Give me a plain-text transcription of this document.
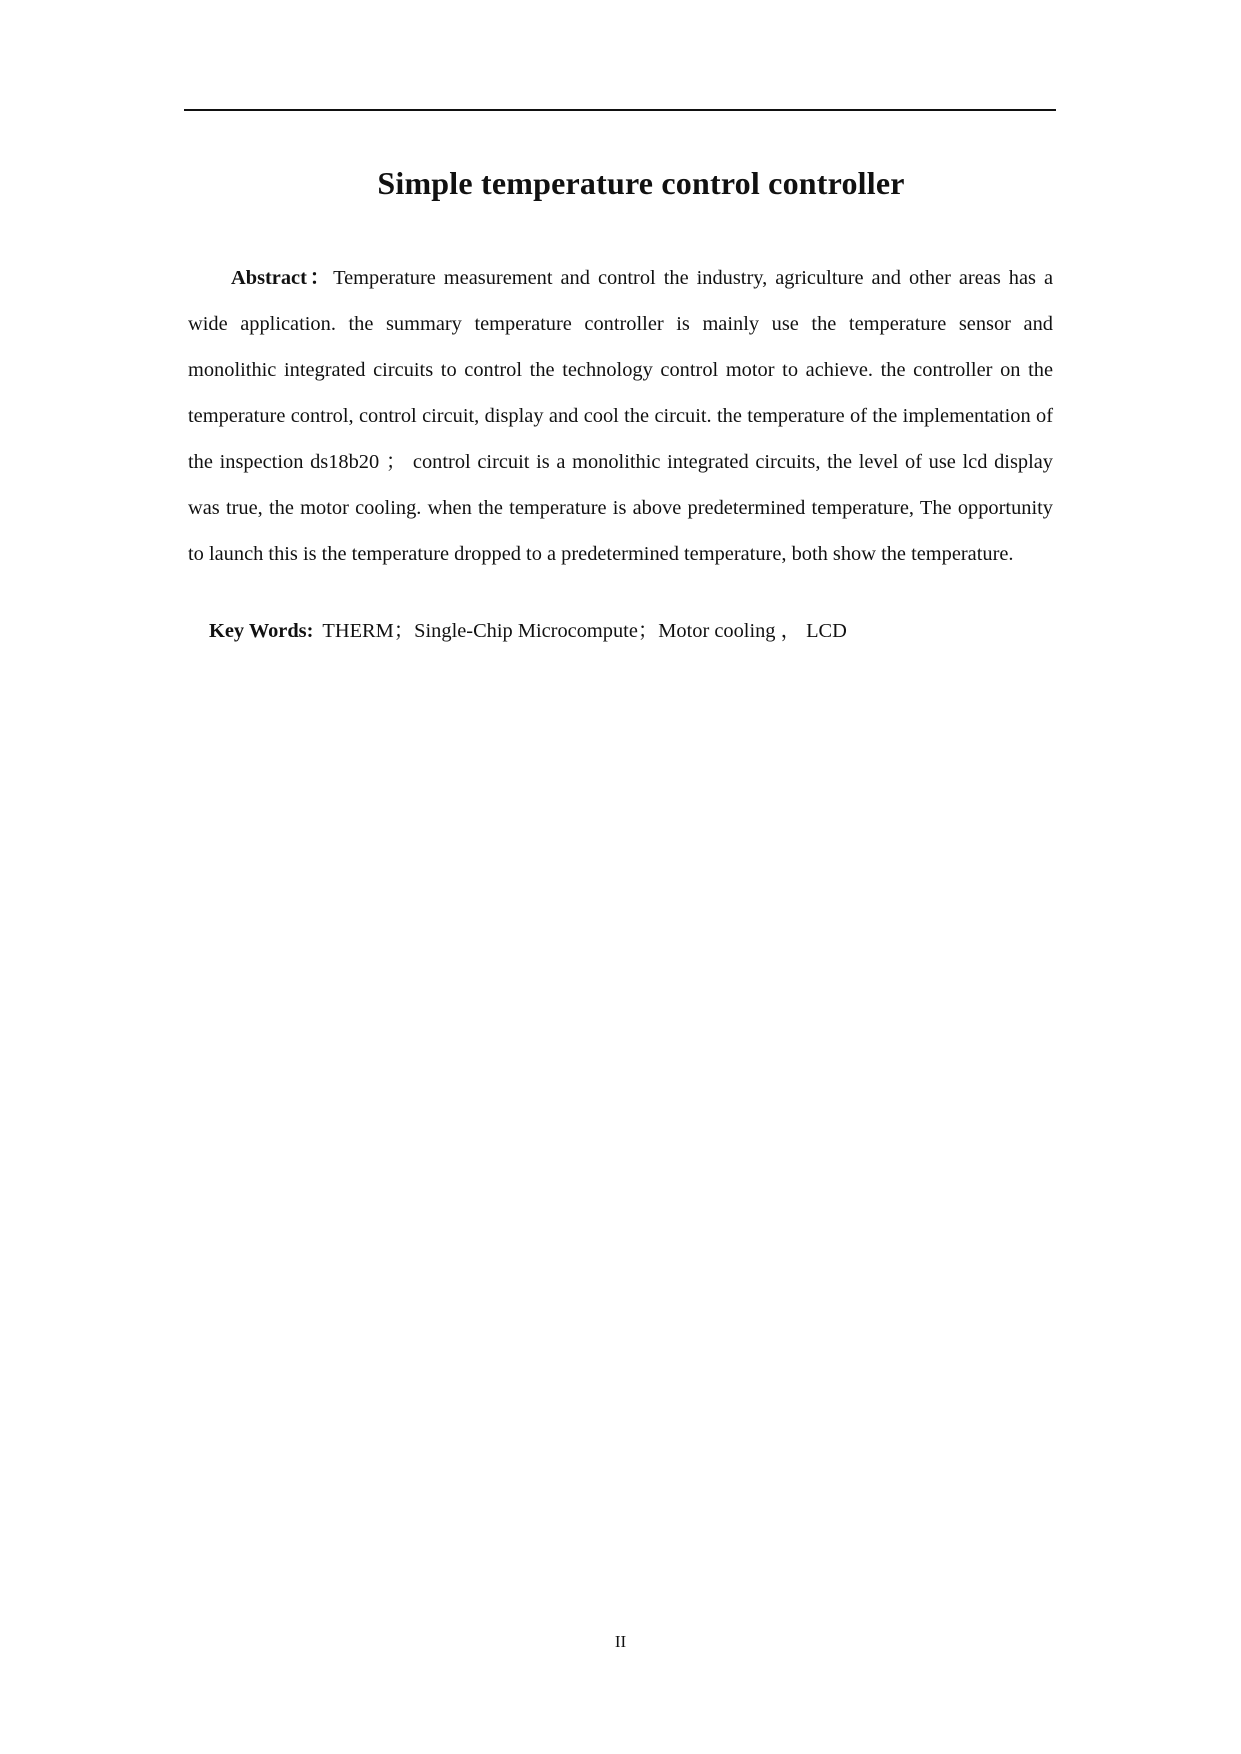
Simple temperature control controller

Abstract：Temperature measurement and control the industry, agriculture and other areas has a wide application. the summary temperature controller is mainly use the temperature sensor and monolithic integrated circuits to control the technology control motor to achieve. the controller on the temperature control, control circuit, display and cool the circuit. the temperature of the implementation of the inspection ds18b20 ； control circuit is a monolithic integrated circuits, the level of use lcd display was true, the motor cooling. when the temperature is above predetermined temperature, The opportunity to launch this is the temperature dropped to a predetermined temperature, both show the temperature.

Key Words: THERM；Single-Chip Microcompute；Motor cooling ， LCD

II
